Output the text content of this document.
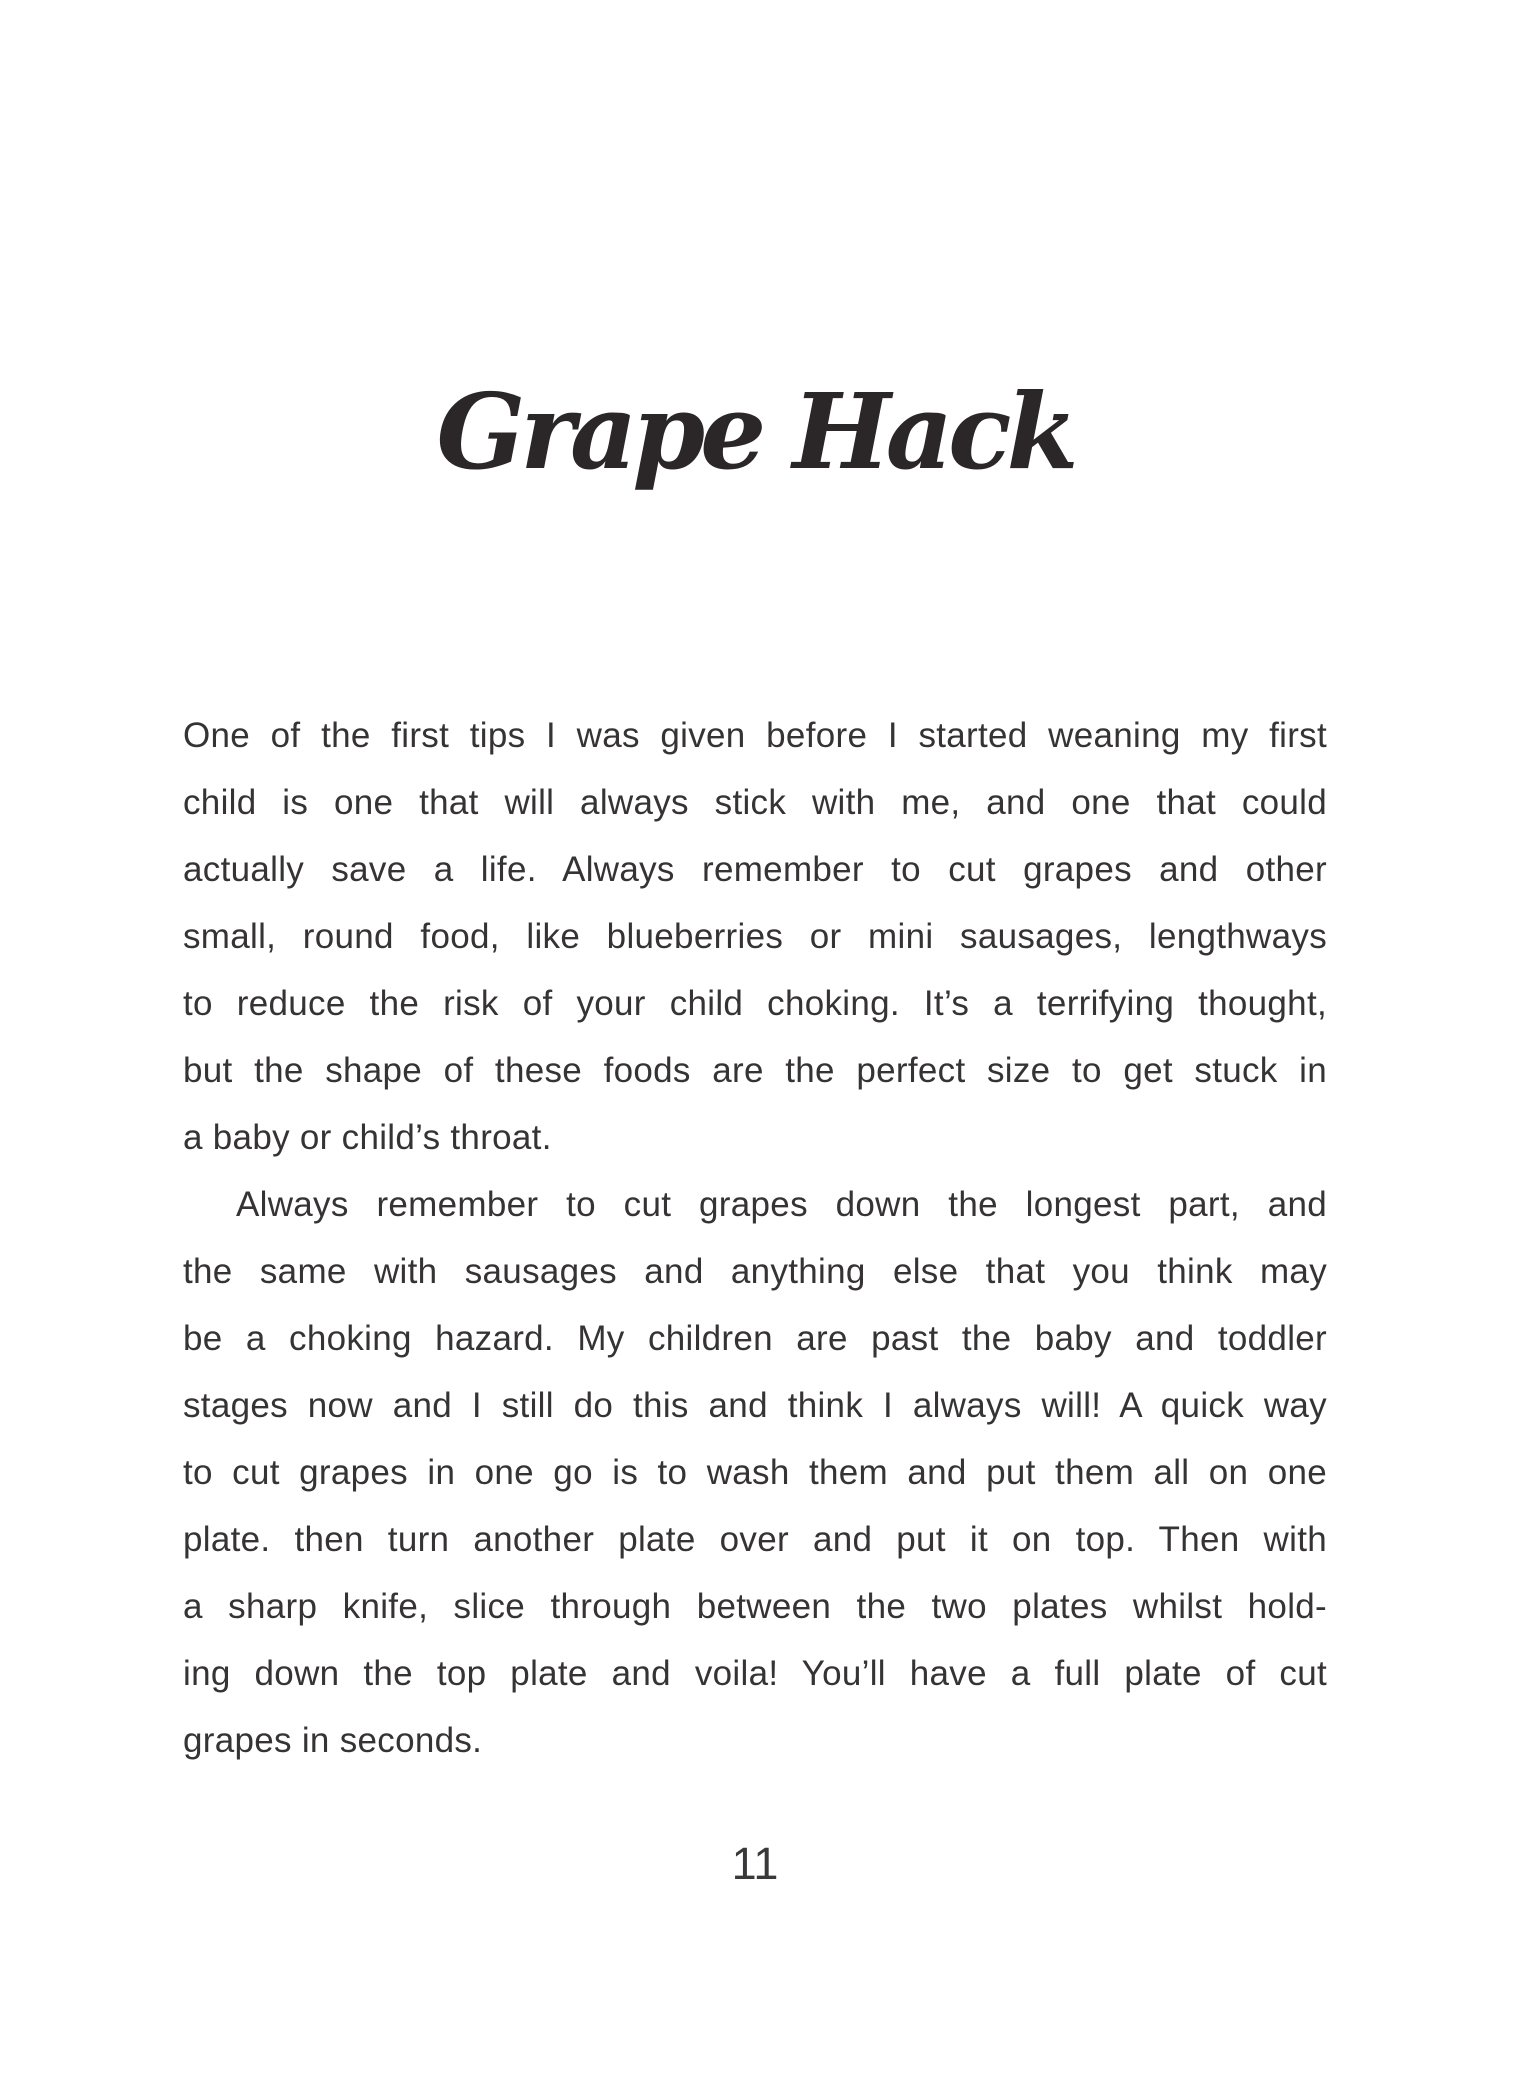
Grape Hack
One of the first tips I was given before I started weaning my first
child is one that will always stick with me, and one that could
actually save a life. Always remember to cut grapes and other
small, round food, like blueberries or mini sausages, lengthways
to reduce the risk of your child choking. It’s a terrifying thought,
but the shape of these foods are the perfect size to get stuck in
a baby or child’s throat.
Always remember to cut grapes down the longest part, and
the same with sausages and anything else that you think may
be a choking hazard. My children are past the baby and toddler
stages now and I still do this and think I always will! A quick way
to cut grapes in one go is to wash them and put them all on one
plate. then turn another plate over and put it on top. Then with
a sharp knife, slice through between the two plates whilst hold-
ing down the top plate and voila! You’ll have a full plate of cut
grapes in seconds.
11
